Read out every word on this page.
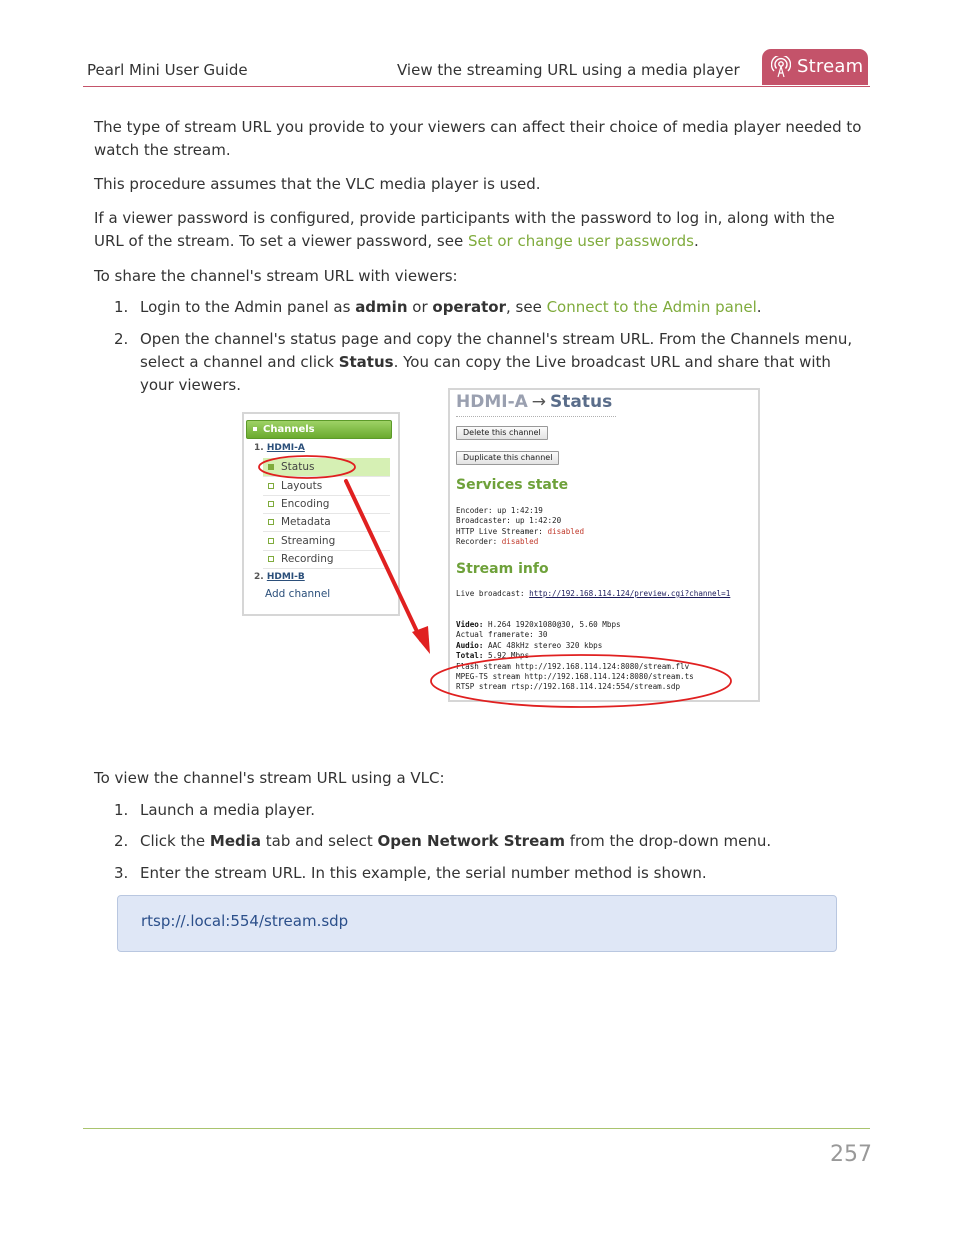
Pearl Mini User Guide	View the streaming URL using a media player	Stream
The type of stream URL you provide to your viewers can affect their choice of media player needed to watch the stream.
This procedure assumes that the VLC media player is used.
If a viewer password is configured, provide participants with the password to log in, along with the URL of the stream. To set a viewer password, see Set or change user passwords.
To share the channel's stream URL with viewers:
1. Login to the Admin panel as admin or operator, see Connect to the Admin panel.
2. Open the channel's status page and copy the channel's stream URL. From the Channels menu, select a channel and click Status. You can copy the Live broadcast URL and share that with your viewers.
Channels
1. HDMI-A
Status
Layouts
Encoding
Metadata
Streaming
Recording
2. HDMI-B
Add channel
HDMI-A → Status
Delete this channel
Duplicate this channel
Services state
Encoder: up 1:42:19
Broadcaster: up 1:42:20
HTTP Live Streamer: disabled
Recorder: disabled
Stream info
Live broadcast: http://192.168.114.124/preview.cgi?channel=1
Video: H.264 1920x1080@30, 5.60 Mbps
Actual framerate: 30
Audio: AAC 48kHz stereo 320 kbps
Total: 5.92 Mbps
Flash stream http://192.168.114.124:8080/stream.flv
MPEG-TS stream http://192.168.114.124:8080/stream.ts
RTSP stream rtsp://192.168.114.124:554/stream.sdp
To view the channel's stream URL using a VLC:
1. Launch a media player.
2. Click the Media tab and select Open Network Stream from the drop-down menu.
3. Enter the stream URL. In this example, the serial number method is shown.
rtsp://.local:554/stream.sdp
257
